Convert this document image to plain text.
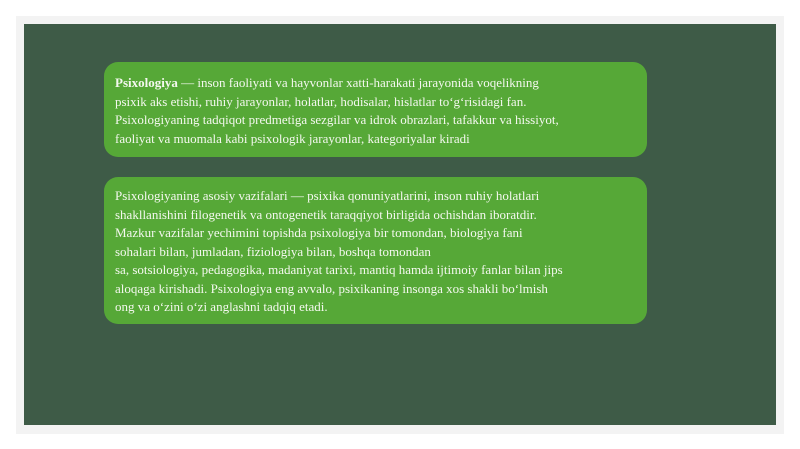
Psixologiya — inson faoliyati va hayvonlar xatti-harakati jarayonida voqelikning
psixik aks etishi, ruhiy jarayonlar, holatlar, hodisalar, hislatlar to‘g‘risidagi fan.
Psixologiyaning tadqiqot predmetiga sezgilar va idrok obrazlari, tafakkur va hissiyot,
faoliyat va muomala kabi psixologik jarayonlar, kategoriyalar kiradi
Psixologiyaning asosiy vazifalari — psixika qonuniyatlarini, inson ruhiy holatlari
shakllanishini filogenetik va ontogenetik taraqqiyot birligida ochishdan iboratdir.
Mazkur vazifalar yechimini topishda psixologiya bir tomondan, biologiya fani
sohalari bilan, jumladan, fiziologiya bilan, boshqa tomondan
sa, sotsiologiya, pedagogika, madaniyat tarixi, mantiq hamda ijtimoiy fanlar bilan jips
aloqaga kirishadi. Psixologiya eng avvalo, psixikaning insonga xos shakli bo‘lmish
ong va o‘zini o‘zi anglashni tadqiq etadi.
